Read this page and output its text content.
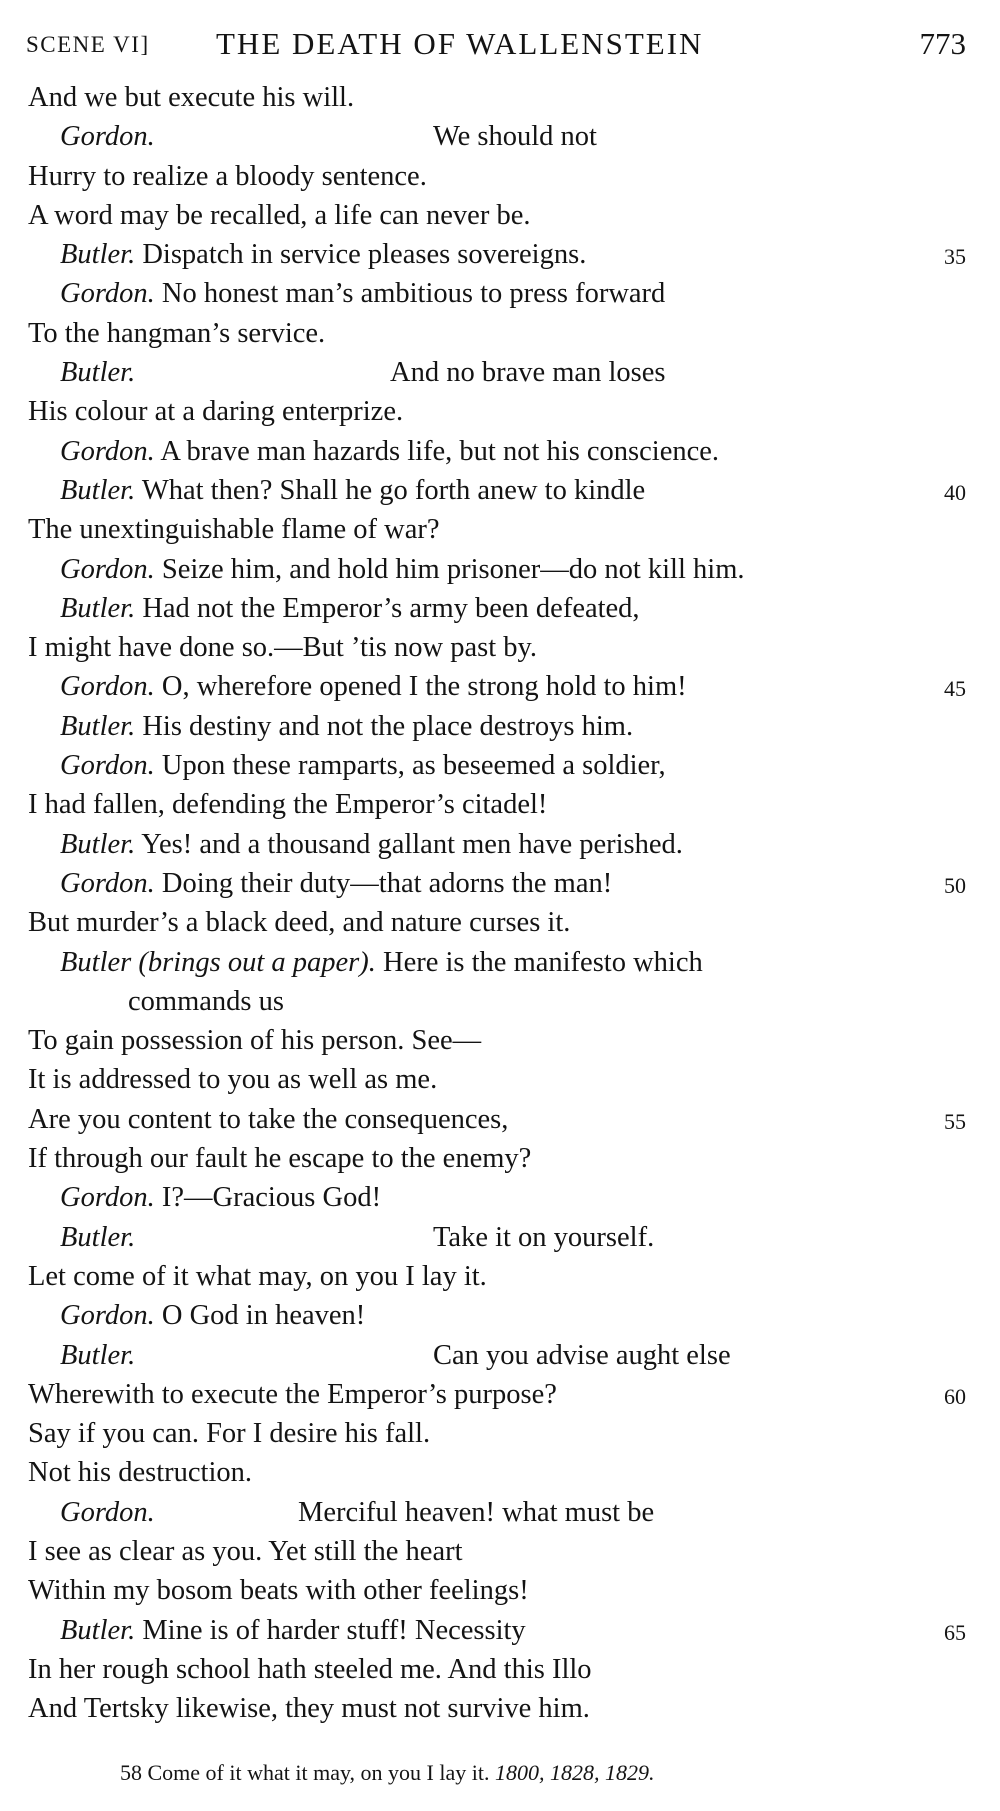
SCENE VI] THE DEATH OF WALLENSTEIN	773
And we but execute his will.
Gordon.	We should not
Hurry to realize a bloody sentence.
A word may be recalled, a life can never be.
Butler. Dispatch in service pleases sovereigns.	35
Gordon. No honest man’s ambitious to press forward
To the hangman’s service.
Butler.	And no brave man loses
His colour at a daring enterprize.
Gordon. A brave man hazards life, but not his conscience.
Butler. What then? Shall he go forth anew to kindle	40
The unextinguishable flame of war?
Gordon. Seize him, and hold him prisoner—do not kill him.
Butler. Had not the Emperor’s army been defeated,
I might have done so.—But ’tis now past by.
Gordon. O, wherefore opened I the strong hold to him!	45
Butler. His destiny and not the place destroys him.
Gordon. Upon these ramparts, as beseemed a soldier,
I had fallen, defending the Emperor’s citadel!
Butler. Yes! and a thousand gallant men have perished.
Gordon. Doing their duty—that adorns the man!	50
But murder’s a black deed, and nature curses it.
Butler (brings out a paper). Here is the manifesto which
commands us
To gain possession of his person. See—
It is addressed to you as well as me.
Are you content to take the consequences,	55
If through our fault he escape to the enemy?
Gordon. I?—Gracious God!
Butler.	Take it on yourself.
Let come of it what may, on you I lay it.
Gordon. O God in heaven!
Butler.	Can you advise aught else
Wherewith to execute the Emperor’s purpose?	60
Say if you can. For I desire his fall.
Not his destruction.
Gordon.	Merciful heaven! what must be
I see as clear as you. Yet still the heart
Within my bosom beats with other feelings!
Butler. Mine is of harder stuff! Necessity	65
In her rough school hath steeled me. And this Illo
And Tertsky likewise, they must not survive him.
58 Come of it what it may, on you I lay it. 1800, 1828, 1829.
